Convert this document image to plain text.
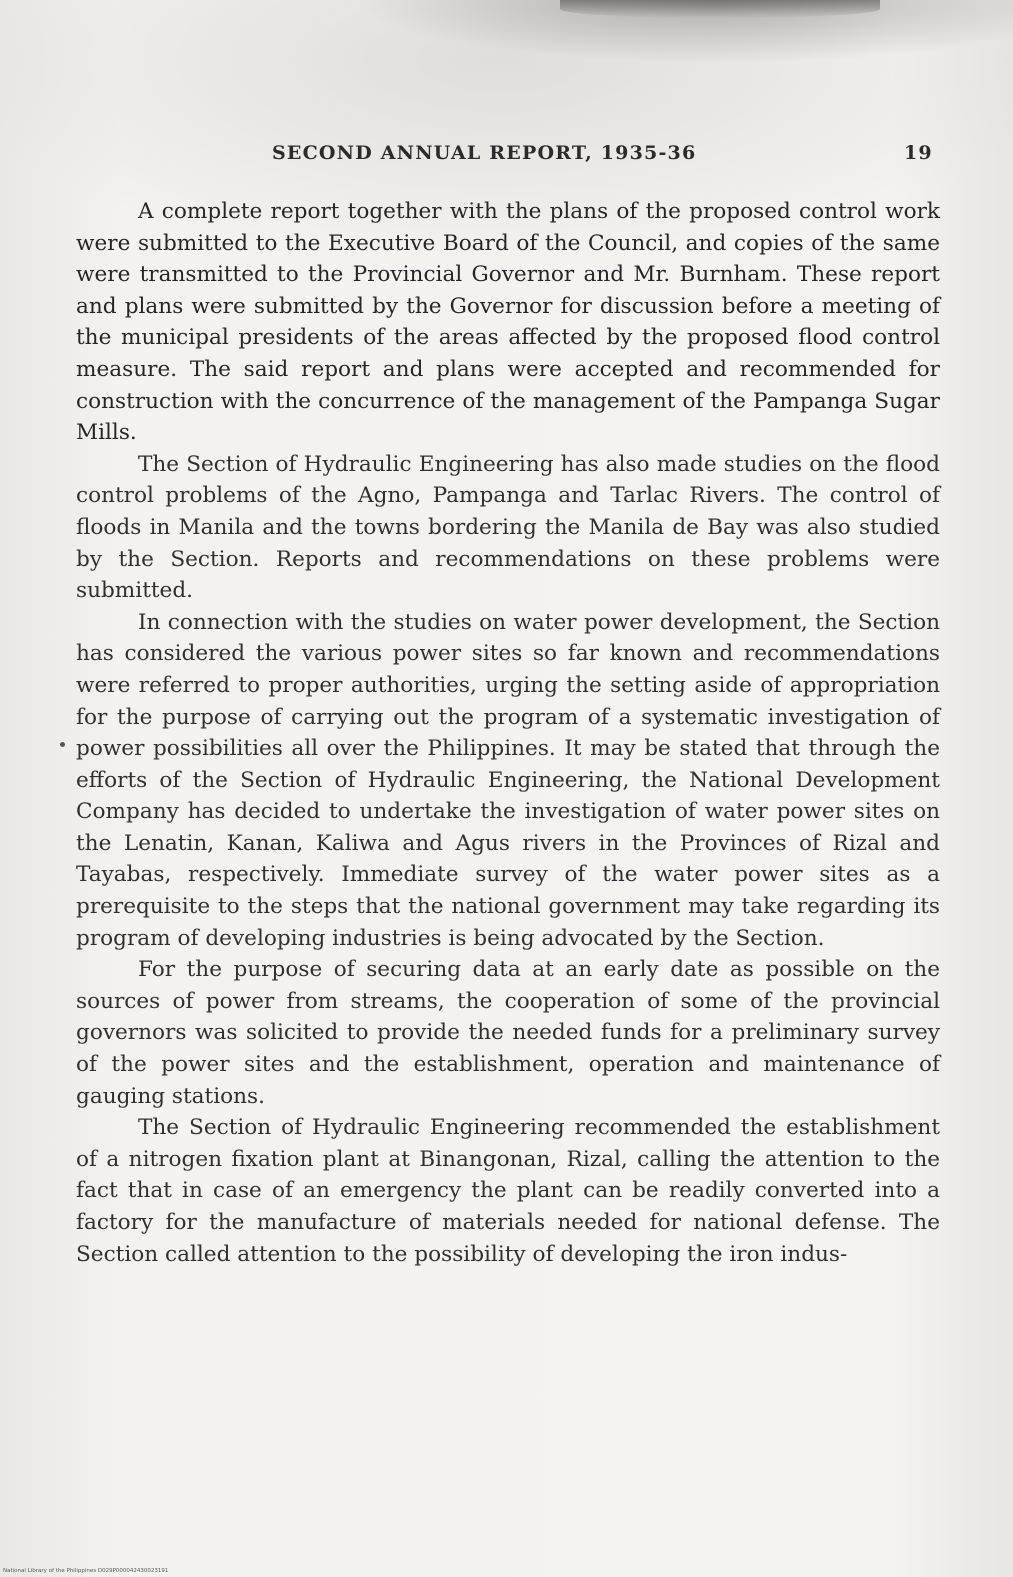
SECOND ANNUAL REPORT, 1935-36	19

A complete report together with the plans of the proposed control work were submitted to the Executive Board of the Council, and copies of the same were transmitted to the Provincial Governor and Mr. Burnham. These report and plans were submitted by the Governor for discussion before a meeting of the municipal presidents of the areas affected by the proposed flood control measure. The said report and plans were accepted and recommended for construction with the concurrence of the management of the Pampanga Sugar Mills.

The Section of Hydraulic Engineering has also made studies on the flood control problems of the Agno, Pampanga and Tarlac Rivers. The control of floods in Manila and the towns bordering the Manila de Bay was also studied by the Section. Reports and recommendations on these problems were submitted.

In connection with the studies on water power development, the Section has considered the various power sites so far known and recommendations were referred to proper authorities, urging the setting aside of appropriation for the purpose of carrying out the program of a systematic investigation of power possibilities all over the Philippines. It may be stated that through the efforts of the Section of Hydraulic Engineering, the National Development Company has decided to undertake the investigation of water power sites on the Lenatin, Kanan, Kaliwa and Agus rivers in the Provinces of Rizal and Tayabas, respectively. Immediate survey of the water power sites as a prerequisite to the steps that the national government may take regarding its program of developing industries is being advocated by the Section.

For the purpose of securing data at an early date as possible on the sources of power from streams, the cooperation of some of the provincial governors was solicited to provide the needed funds for a preliminary survey of the power sites and the establishment, operation and maintenance of gauging stations.

The Section of Hydraulic Engineering recommended the establishment of a nitrogen fixation plant at Binangonan, Rizal, calling the attention to the fact that in case of an emergency the plant can be readily converted into a factory for the manufacture of materials needed for national defense. The Section called attention to the possibility of developing the iron indus-

National Library of the Philippines D029P000042430023191
